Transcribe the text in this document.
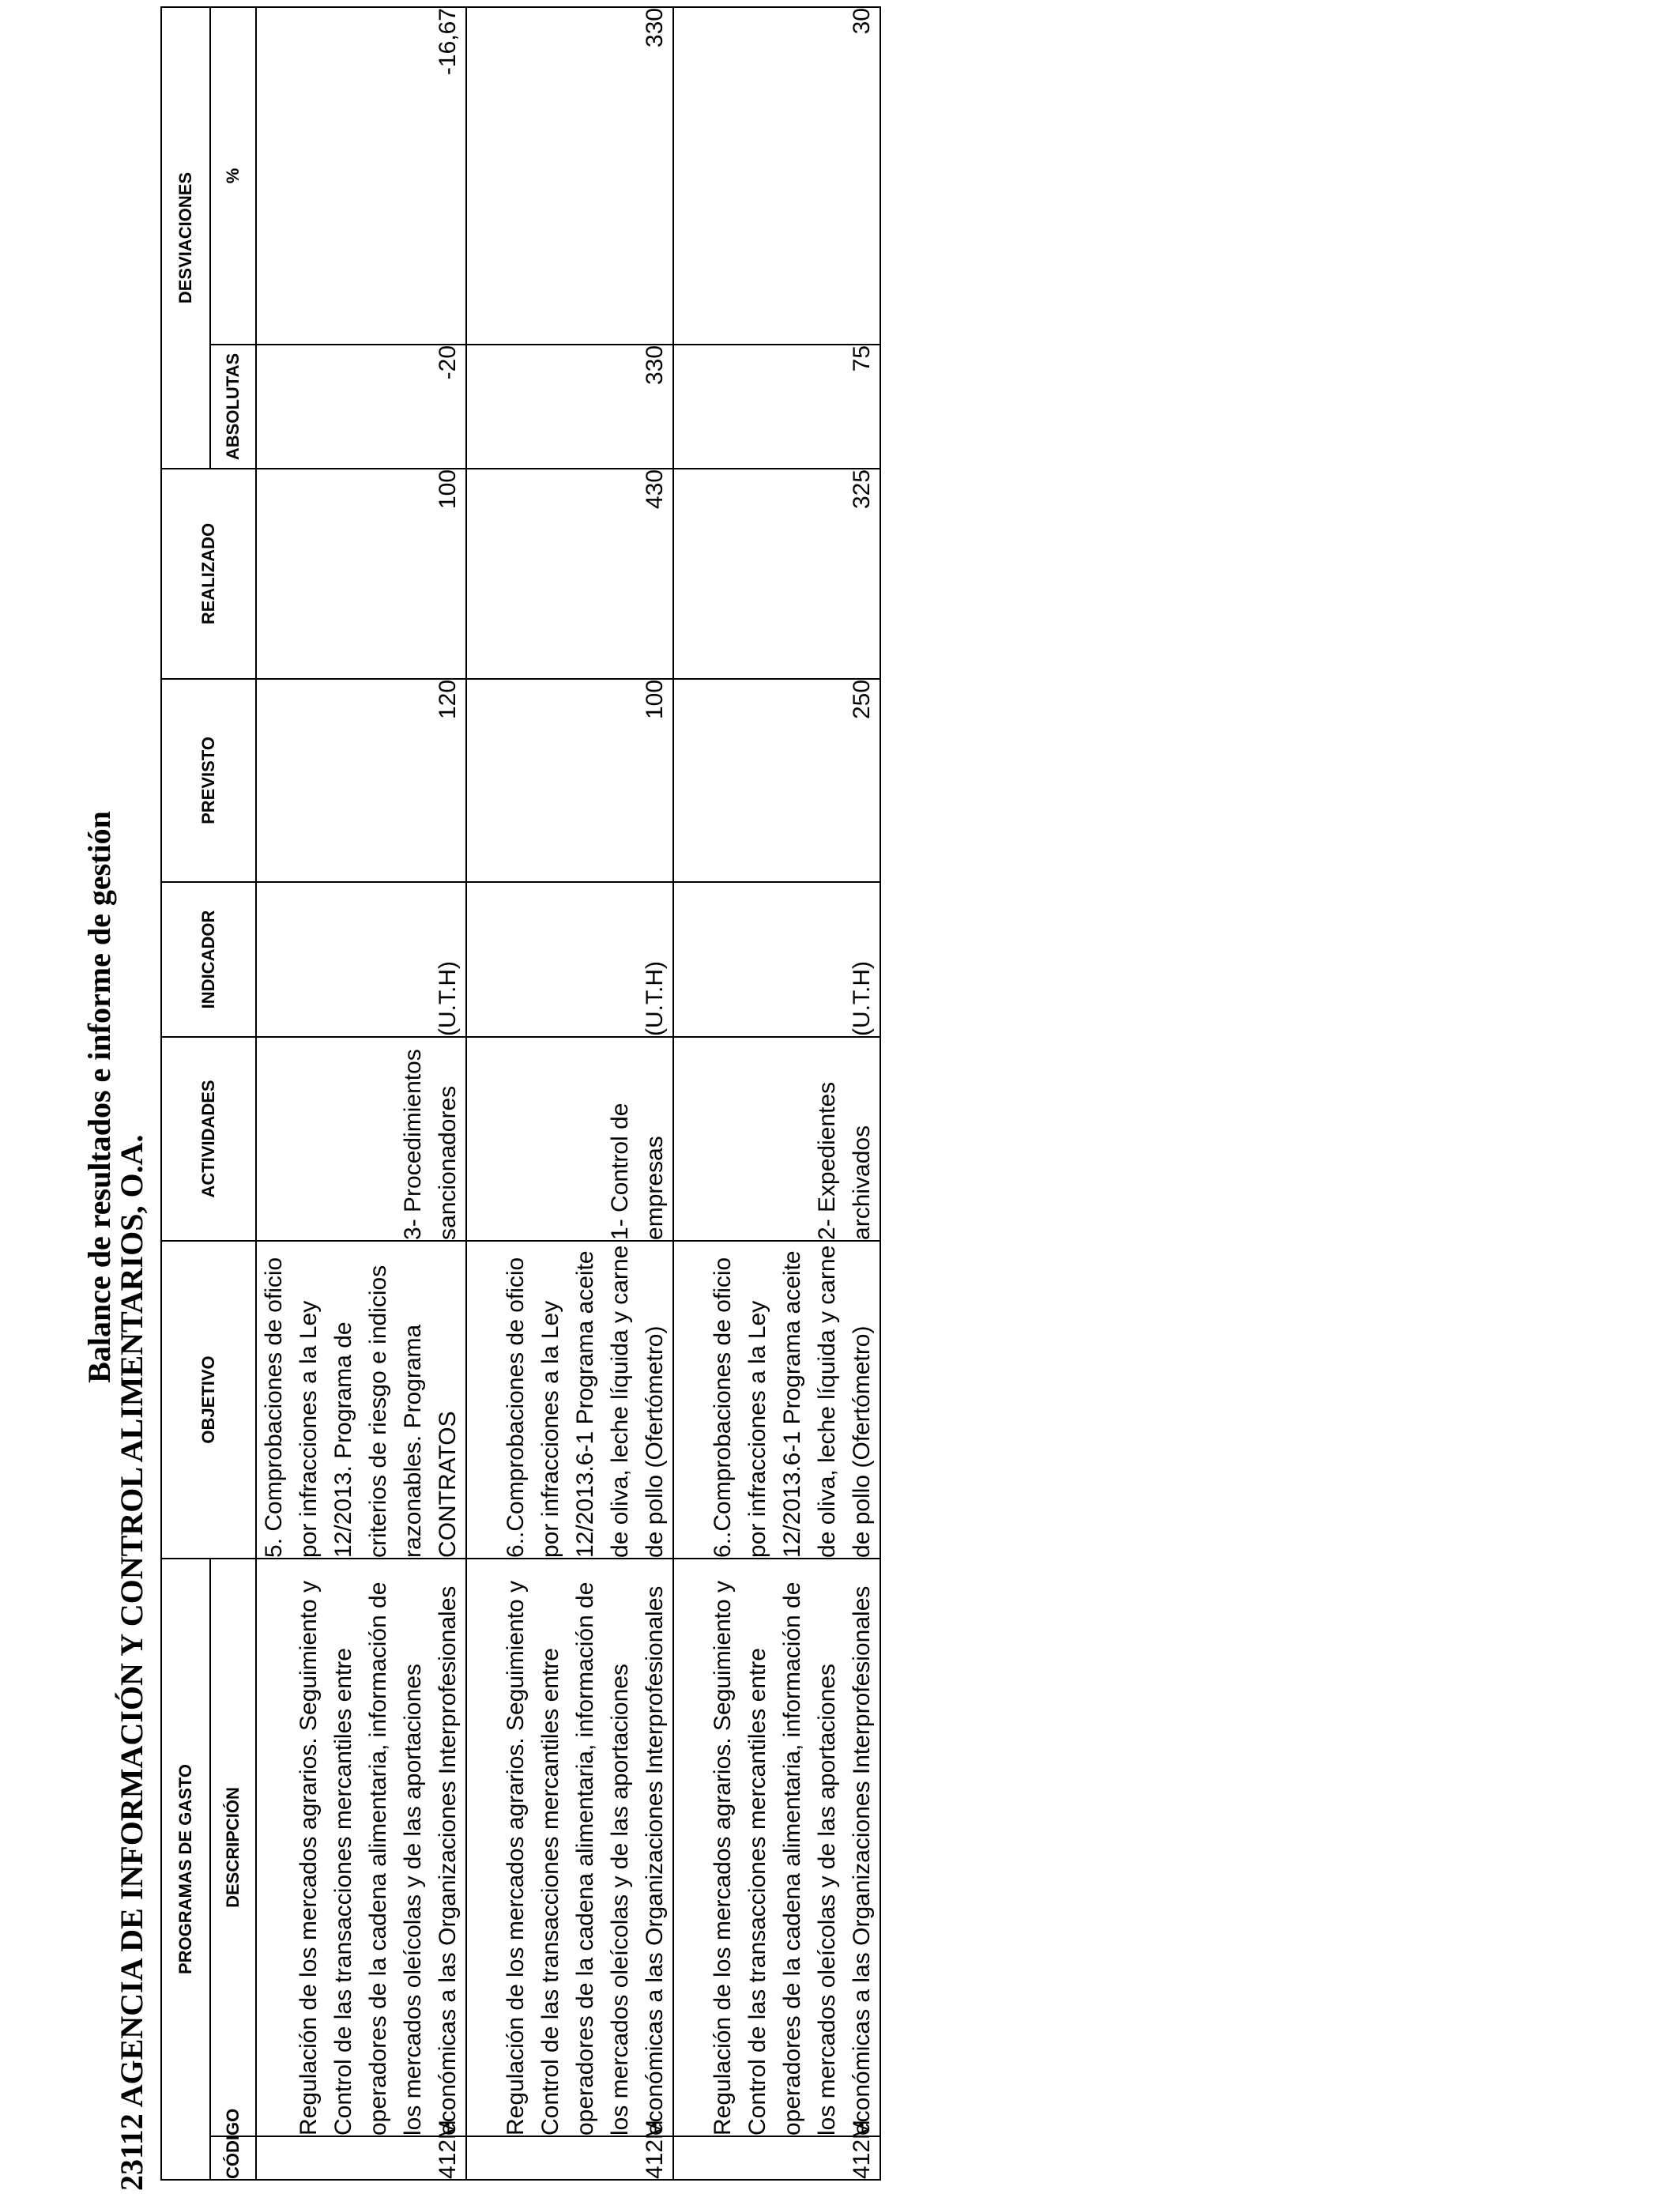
Balance de resultados e informe de gestión
23112 AGENCIA DE INFORMACIÓN Y CONTROL ALIMENTARIOS, O.A. PROGRAMAS DE GASTO		OBJETIVO	ACTIVIDADES	INDICADOR	PREVISTO	REALIZADO	DESVIACIONES	
CÓDIGO	DESCRIPCIÓN						ABSOLUTAS	%
412M	Regulación de los mercados agrarios. Seguimiento y Control de las transacciones mercantiles entre operadores de la cadena alimentaria, información de los mercados oleícolas y de las aportaciones económicas a las Organizaciones Interprofesionales	5. Comprobaciones de oficio por infracciones a la Ley 12/2013. Programa de criterios de riesgo e indicios razonables. Programa CONTRATOS	3- Procedimientos sancionadores	(U.T.H)	120	100	-20	-16,67
412M	Regulación de los mercados agrarios. Seguimiento y Control de las transacciones mercantiles entre operadores de la cadena alimentaria, información de los mercados oleícolas y de las aportaciones económicas a las Organizaciones Interprofesionales	6..Comprobaciones de oficio por infracciones a la Ley 12/2013.6-1 Programa aceite de oliva, leche líquida y carne de pollo (Ofertómetro)	1- Control de empresas	(U.T.H)	100	430	330	330
412M	Regulación de los mercados agrarios. Seguimiento y Control de las transacciones mercantiles entre operadores de la cadena alimentaria, información de los mercados oleícolas y de las aportaciones económicas a las Organizaciones Interprofesionales	6..Comprobaciones de oficio por infracciones a la Ley 12/2013.6-1 Programa aceite de oliva, leche líquida y carne de pollo (Ofertómetro)	2- Expedientes archivados	(U.T.H)	250	325	75	30
